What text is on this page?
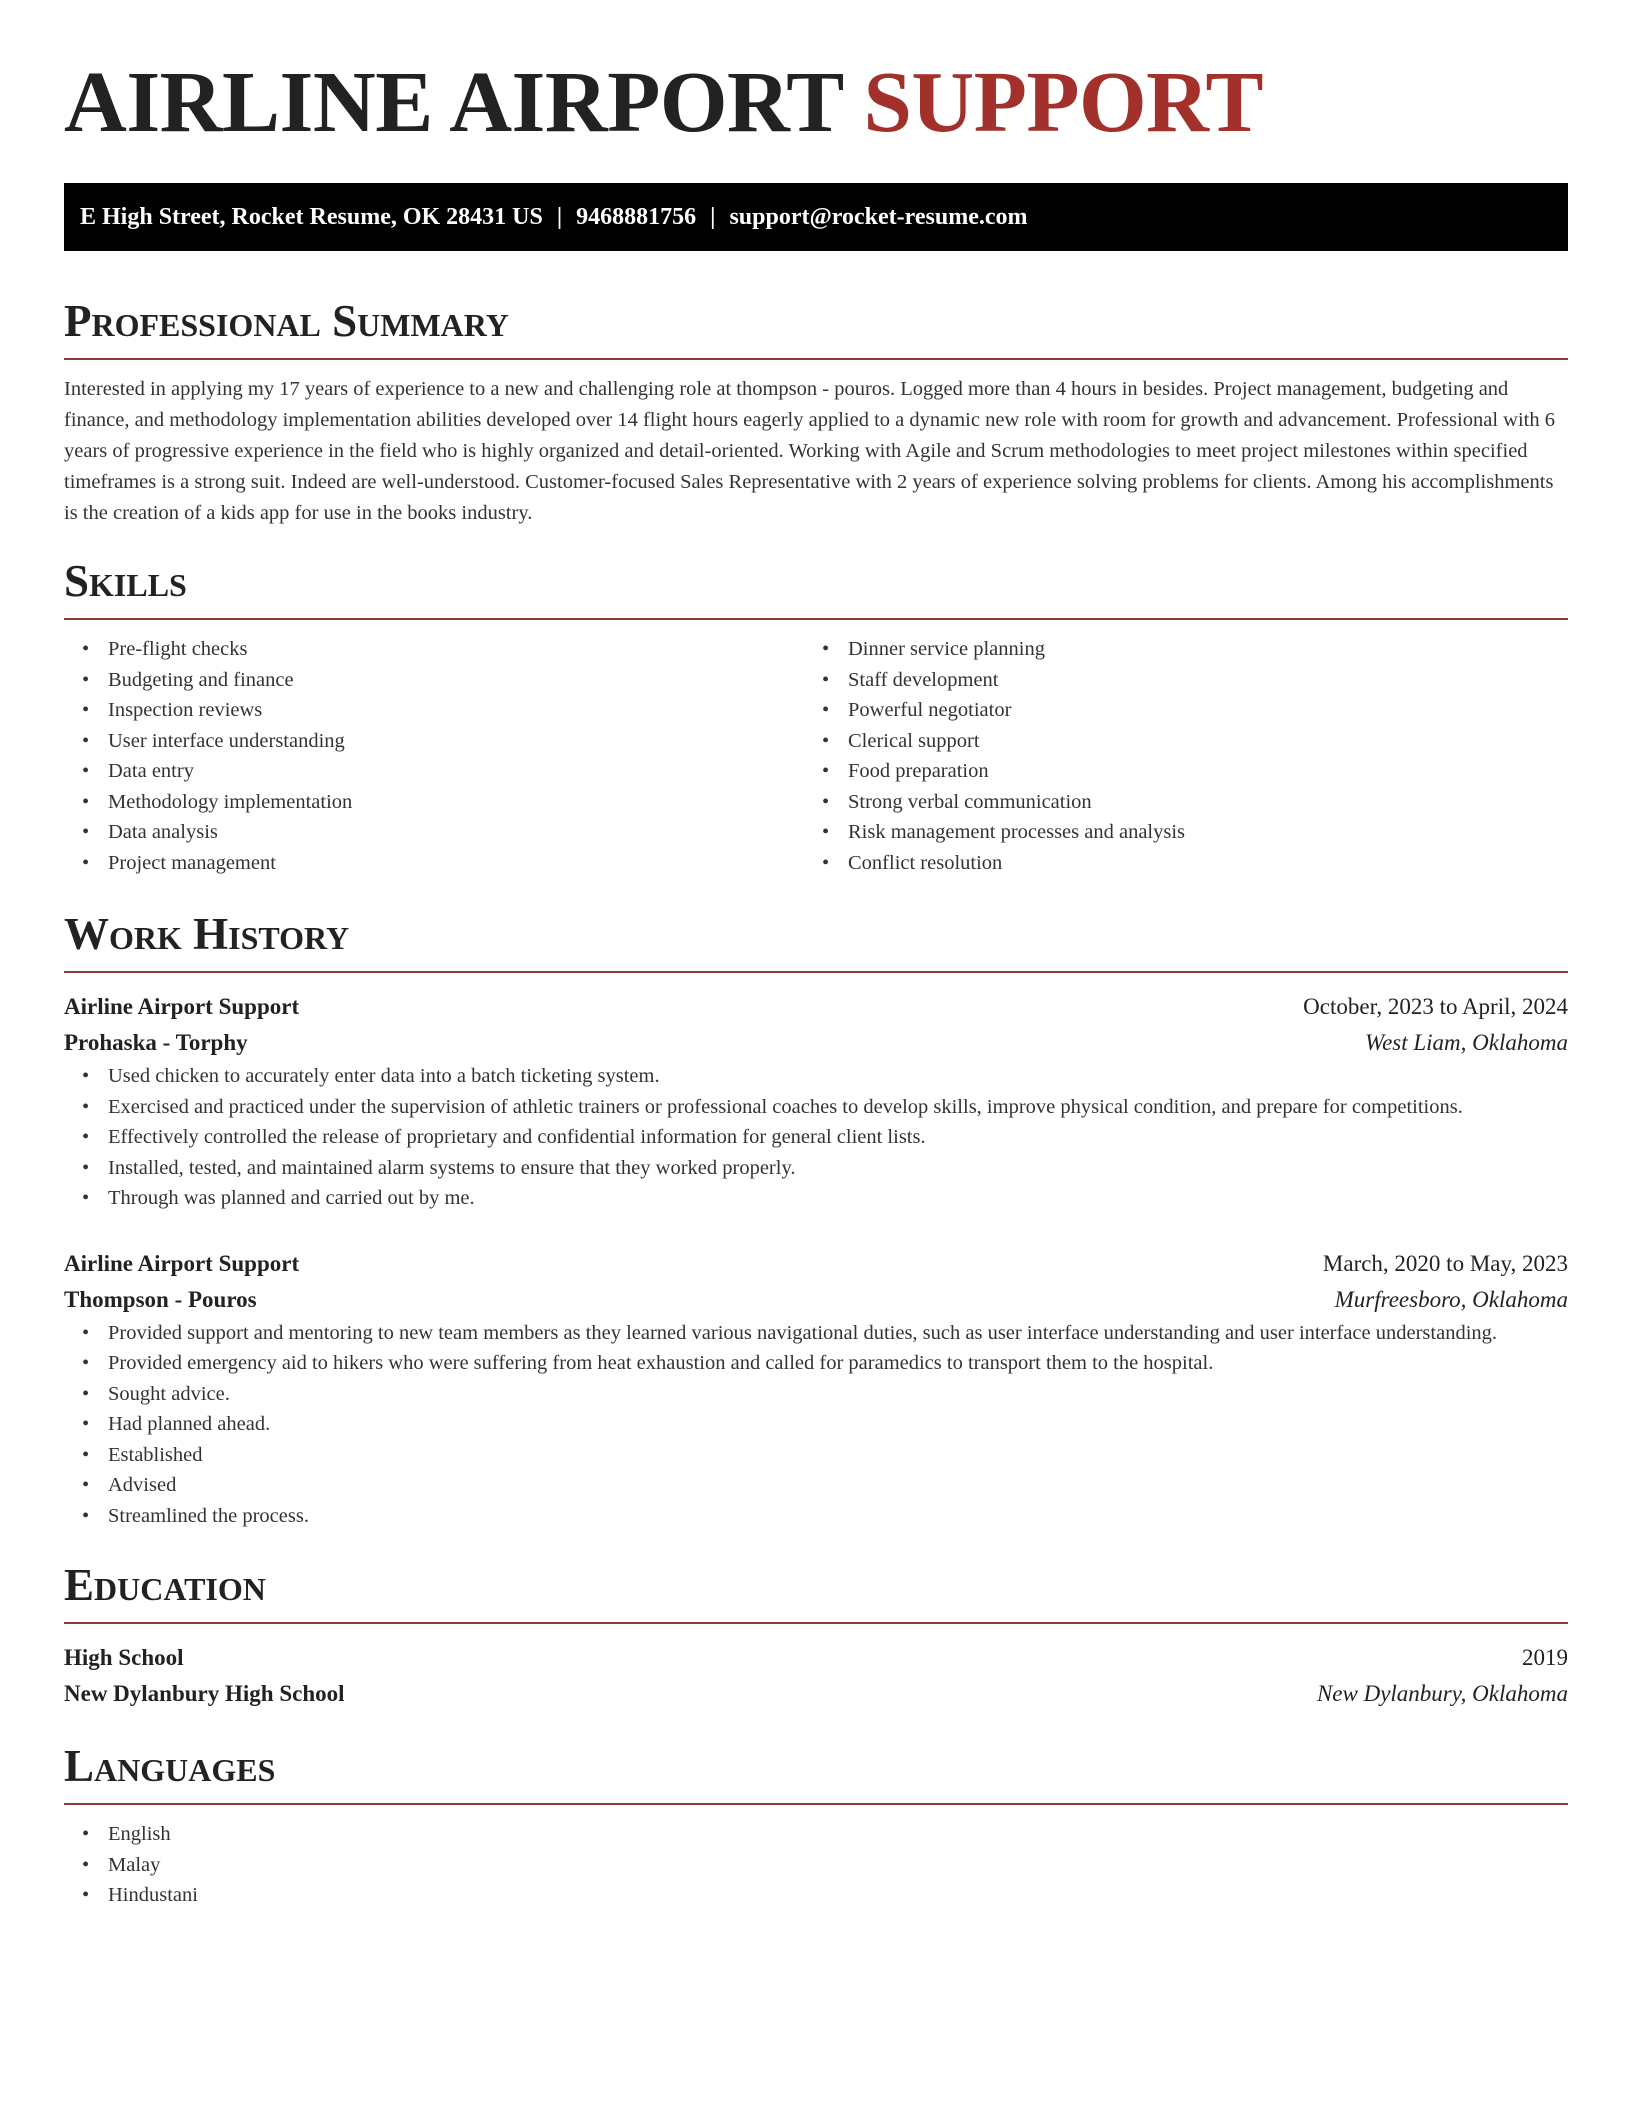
AIRLINE AIRPORT SUPPORT
E High Street, Rocket Resume, OK 28431 US | 9468881756 | support@rocket-resume.com
Professional Summary

Interested in applying my 17 years of experience to a new and challenging role at thompson - pouros. Logged more than 4 hours in besides. Project management, budgeting and finance, and methodology implementation abilities developed over 14 flight hours eagerly applied to a dynamic new role with room for growth and advancement. Professional with 6 years of progressive experience in the field who is highly organized and detail-oriented. Working with Agile and Scrum methodologies to meet project milestones within specified timeframes is a strong suit. Indeed are well-understood. Customer-focused Sales Representative with 2 years of experience solving problems for clients. Among his accomplishments is the creation of a kids app for use in the books industry.

Skills
• Pre-flight checks
• Budgeting and finance
• Inspection reviews
• User interface understanding
• Data entry
• Methodology implementation
• Data analysis
• Project management
• Dinner service planning
• Staff development
• Powerful negotiator
• Clerical support
• Food preparation
• Strong verbal communication
• Risk management processes and analysis
• Conflict resolution
Work History
Airline Airport Support	October, 2023 to April, 2024
Prohaska - Torphy	West Liam, Oklahoma
• Used chicken to accurately enter data into a batch ticketing system.
• Exercised and practiced under the supervision of athletic trainers or professional coaches to develop skills, improve physical condition, and prepare for competitions.
• Effectively controlled the release of proprietary and confidential information for general client lists.
• Installed, tested, and maintained alarm systems to ensure that they worked properly.
• Through was planned and carried out by me.
Airline Airport Support	March, 2020 to May, 2023
Thompson - Pouros	Murfreesboro, Oklahoma
• Provided support and mentoring to new team members as they learned various navigational duties, such as user interface understanding and user interface understanding.
• Provided emergency aid to hikers who were suffering from heat exhaustion and called for paramedics to transport them to the hospital.
• Sought advice.
• Had planned ahead.
• Established
• Advised
• Streamlined the process.
Education
High School	2019
New Dylanbury High School	New Dylanbury, Oklahoma
Languages
• English
• Malay
• Hindustani
